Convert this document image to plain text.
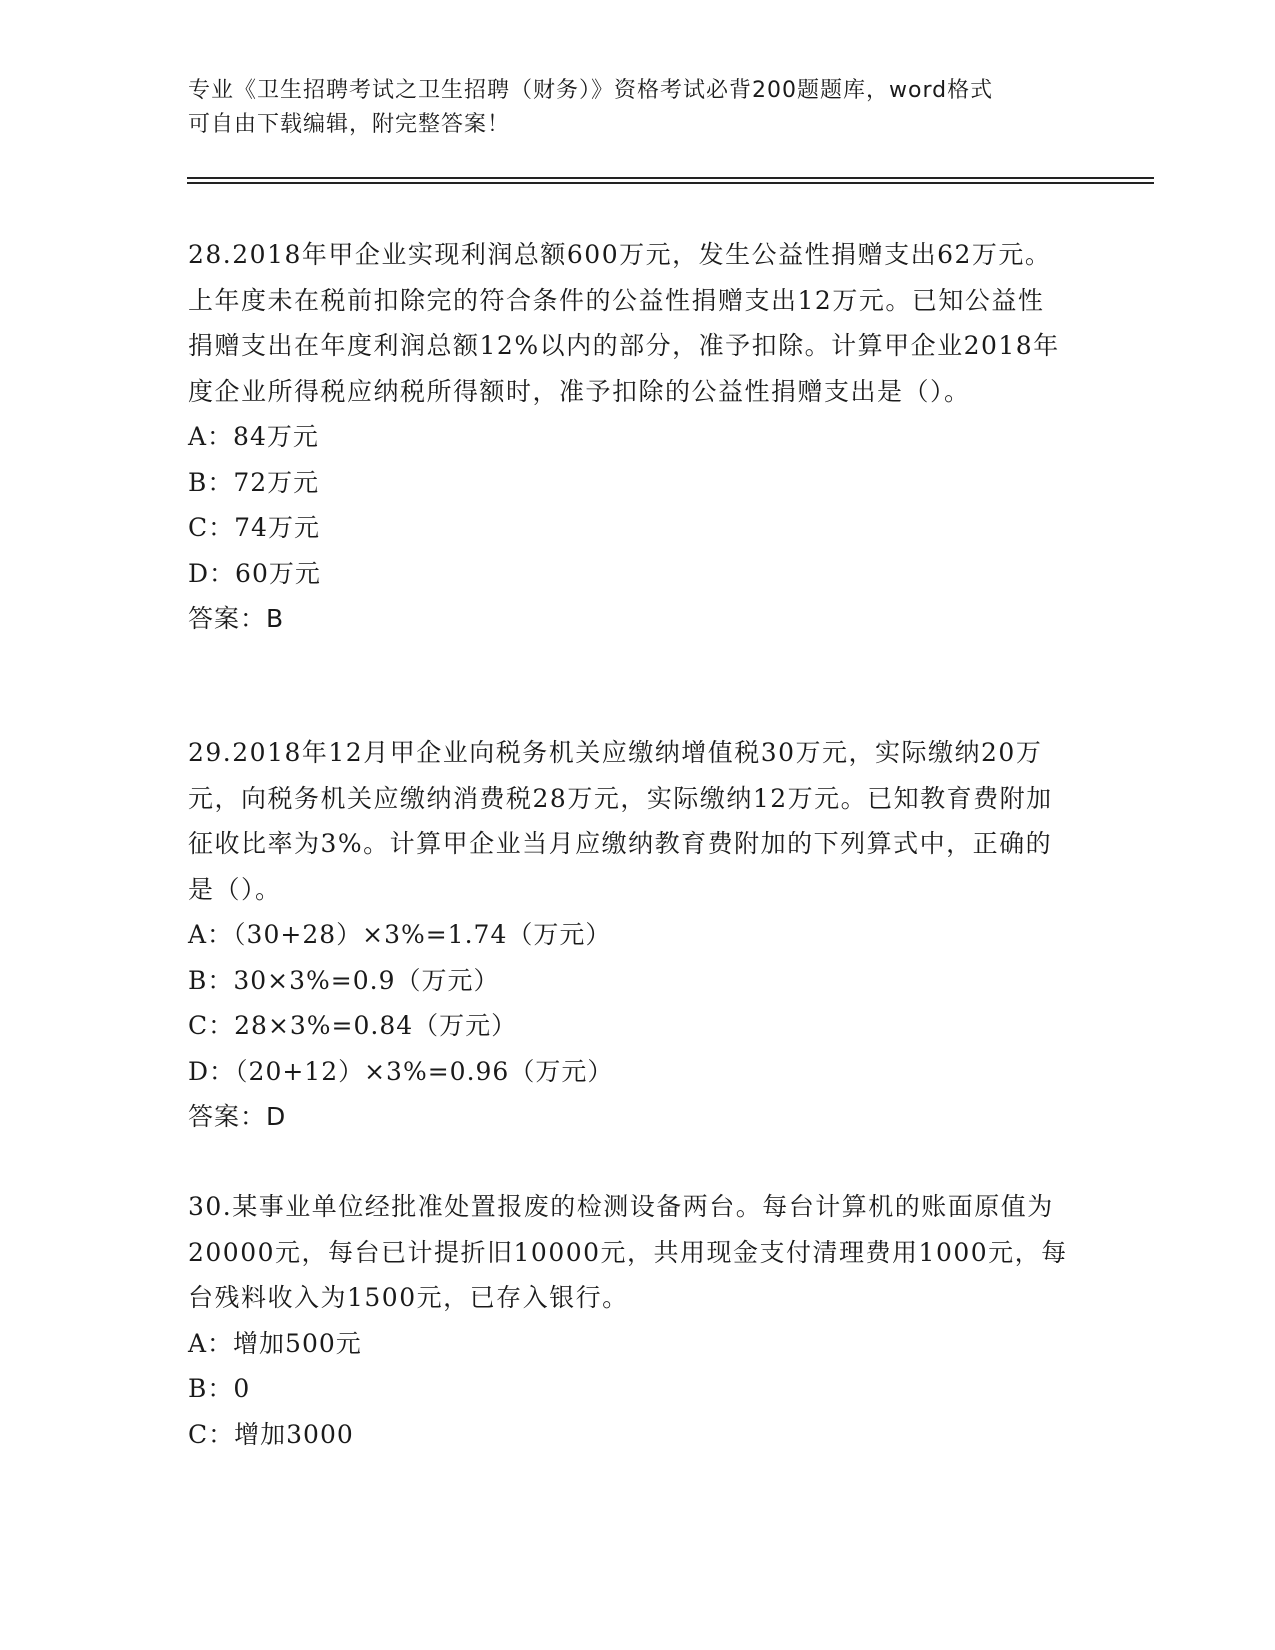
专业《卫生招聘考试之卫生招聘（财务）》资格考试必背200题题库，word格式
可自由下载编辑，附完整答案！

28.2018年甲企业实现利润总额600万元，发生公益性捐赠支出62万元。上年度未在税前扣除完的符合条件的公益性捐赠支出12万元。已知公益性捐赠支出在年度利润总额12%以内的部分，准予扣除。计算甲企业2018年度企业所得税应纳税所得额时，准予扣除的公益性捐赠支出是（）。

A：84万元

B：72万元

C：74万元

D：60万元

答案：B

29.2018年12月甲企业向税务机关应缴纳增值税30万元，实际缴纳20万元，向税务机关应缴纳消费税28万元，实际缴纳12万元。已知教育费附加征收比率为3%。计算甲企业当月应缴纳教育费附加的下列算式中，正确的是（）。

A：（30+28）×3%=1.74（万元）

B：30×3%=0.9（万元）

C：28×3%=0.84（万元）

D：（20+12）×3%=0.96（万元）

答案：D

30.某事业单位经批准处置报废的检测设备两台。每台计算机的账面原值为20000元，每台已计提折旧10000元，共用现金支付清理费用1000元，每台残料收入为1500元，已存入银行。

A：增加500元

B：0

C：增加3000
